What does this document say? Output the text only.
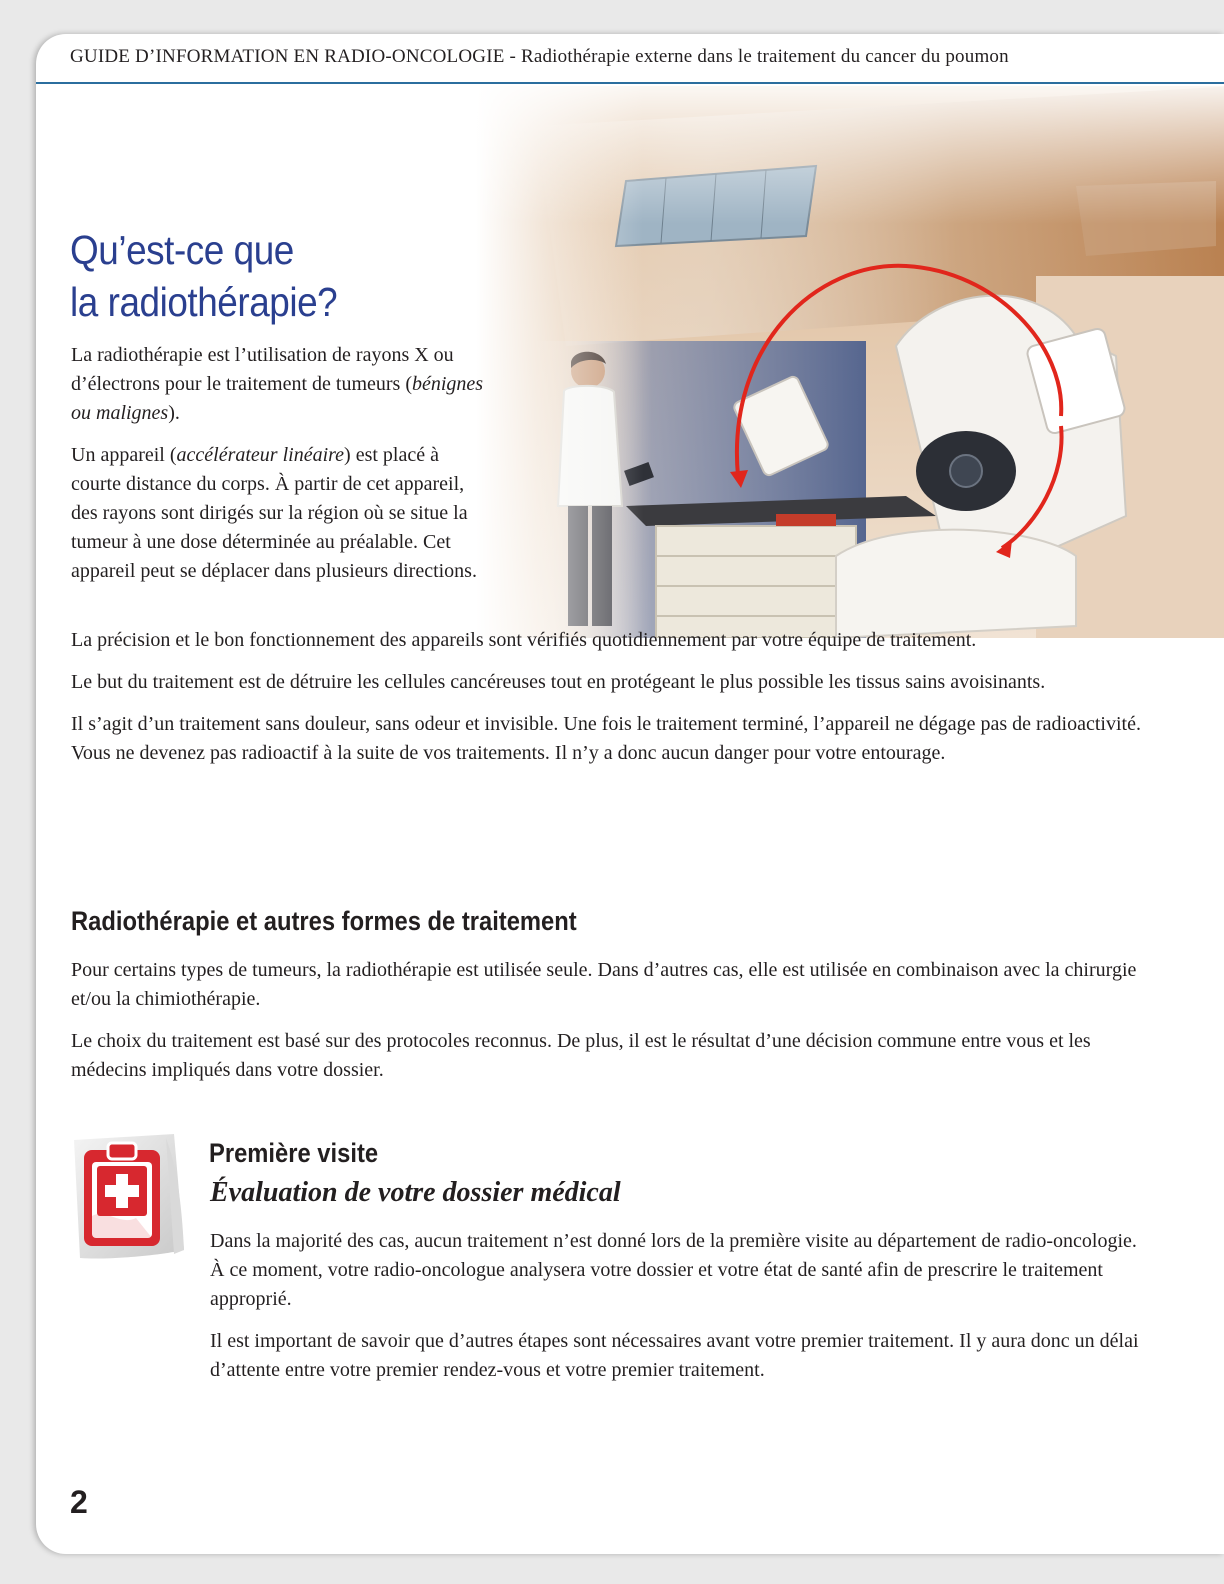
GUIDE D’INFORMATION EN RADIO-ONCOLOGIE - Radiothérapie externe dans le traitement du cancer du poumon
Qu’est-ce que
la radiothérapie?

La radiothérapie est l’utilisation de rayons X ou d’électrons pour le traitement de tumeurs (bénignes ou malignes).

Un appareil (accélérateur linéaire) est placé à courte distance du corps. À partir de cet appareil, des rayons sont dirigés sur la région où se situe la tumeur à une dose déterminée au préalable. Cet appareil peut se déplacer dans plusieurs directions.

La précision et le bon fonctionnement des appareils sont vérifiés quotidiennement par votre équipe de traitement.

Le but du traitement est de détruire les cellules cancéreuses tout en protégeant le plus possible les tissus sains avoisinants.

Il s’agit d’un traitement sans douleur, sans odeur et invisible. Une fois le traitement terminé, l’appareil ne dégage pas de radioactivité. Vous ne devenez pas radioactif à la suite de vos traitements. Il n’y a donc aucun danger pour votre entourage.

Radiothérapie et autres formes de traitement

Pour certains types de tumeurs, la radiothérapie est utilisée seule. Dans d’autres cas, elle est utilisée en combinaison avec la chirurgie et/ou la chimiothérapie.

Le choix du traitement est basé sur des protocoles reconnus. De plus, il est le résultat d’une décision commune entre vous et les médecins impliqués dans votre dossier.

Première visite
Évaluation de votre dossier médical

Dans la majorité des cas, aucun traitement n’est donné lors de la première visite au département de radio-oncologie. À ce moment, votre radio-oncologue analysera votre dossier et votre état de santé afin de prescrire le traitement approprié.

Il est important de savoir que d’autres étapes sont nécessaires avant votre premier traitement. Il y aura donc un délai d’attente entre votre premier rendez-vous et votre premier traitement.

2
